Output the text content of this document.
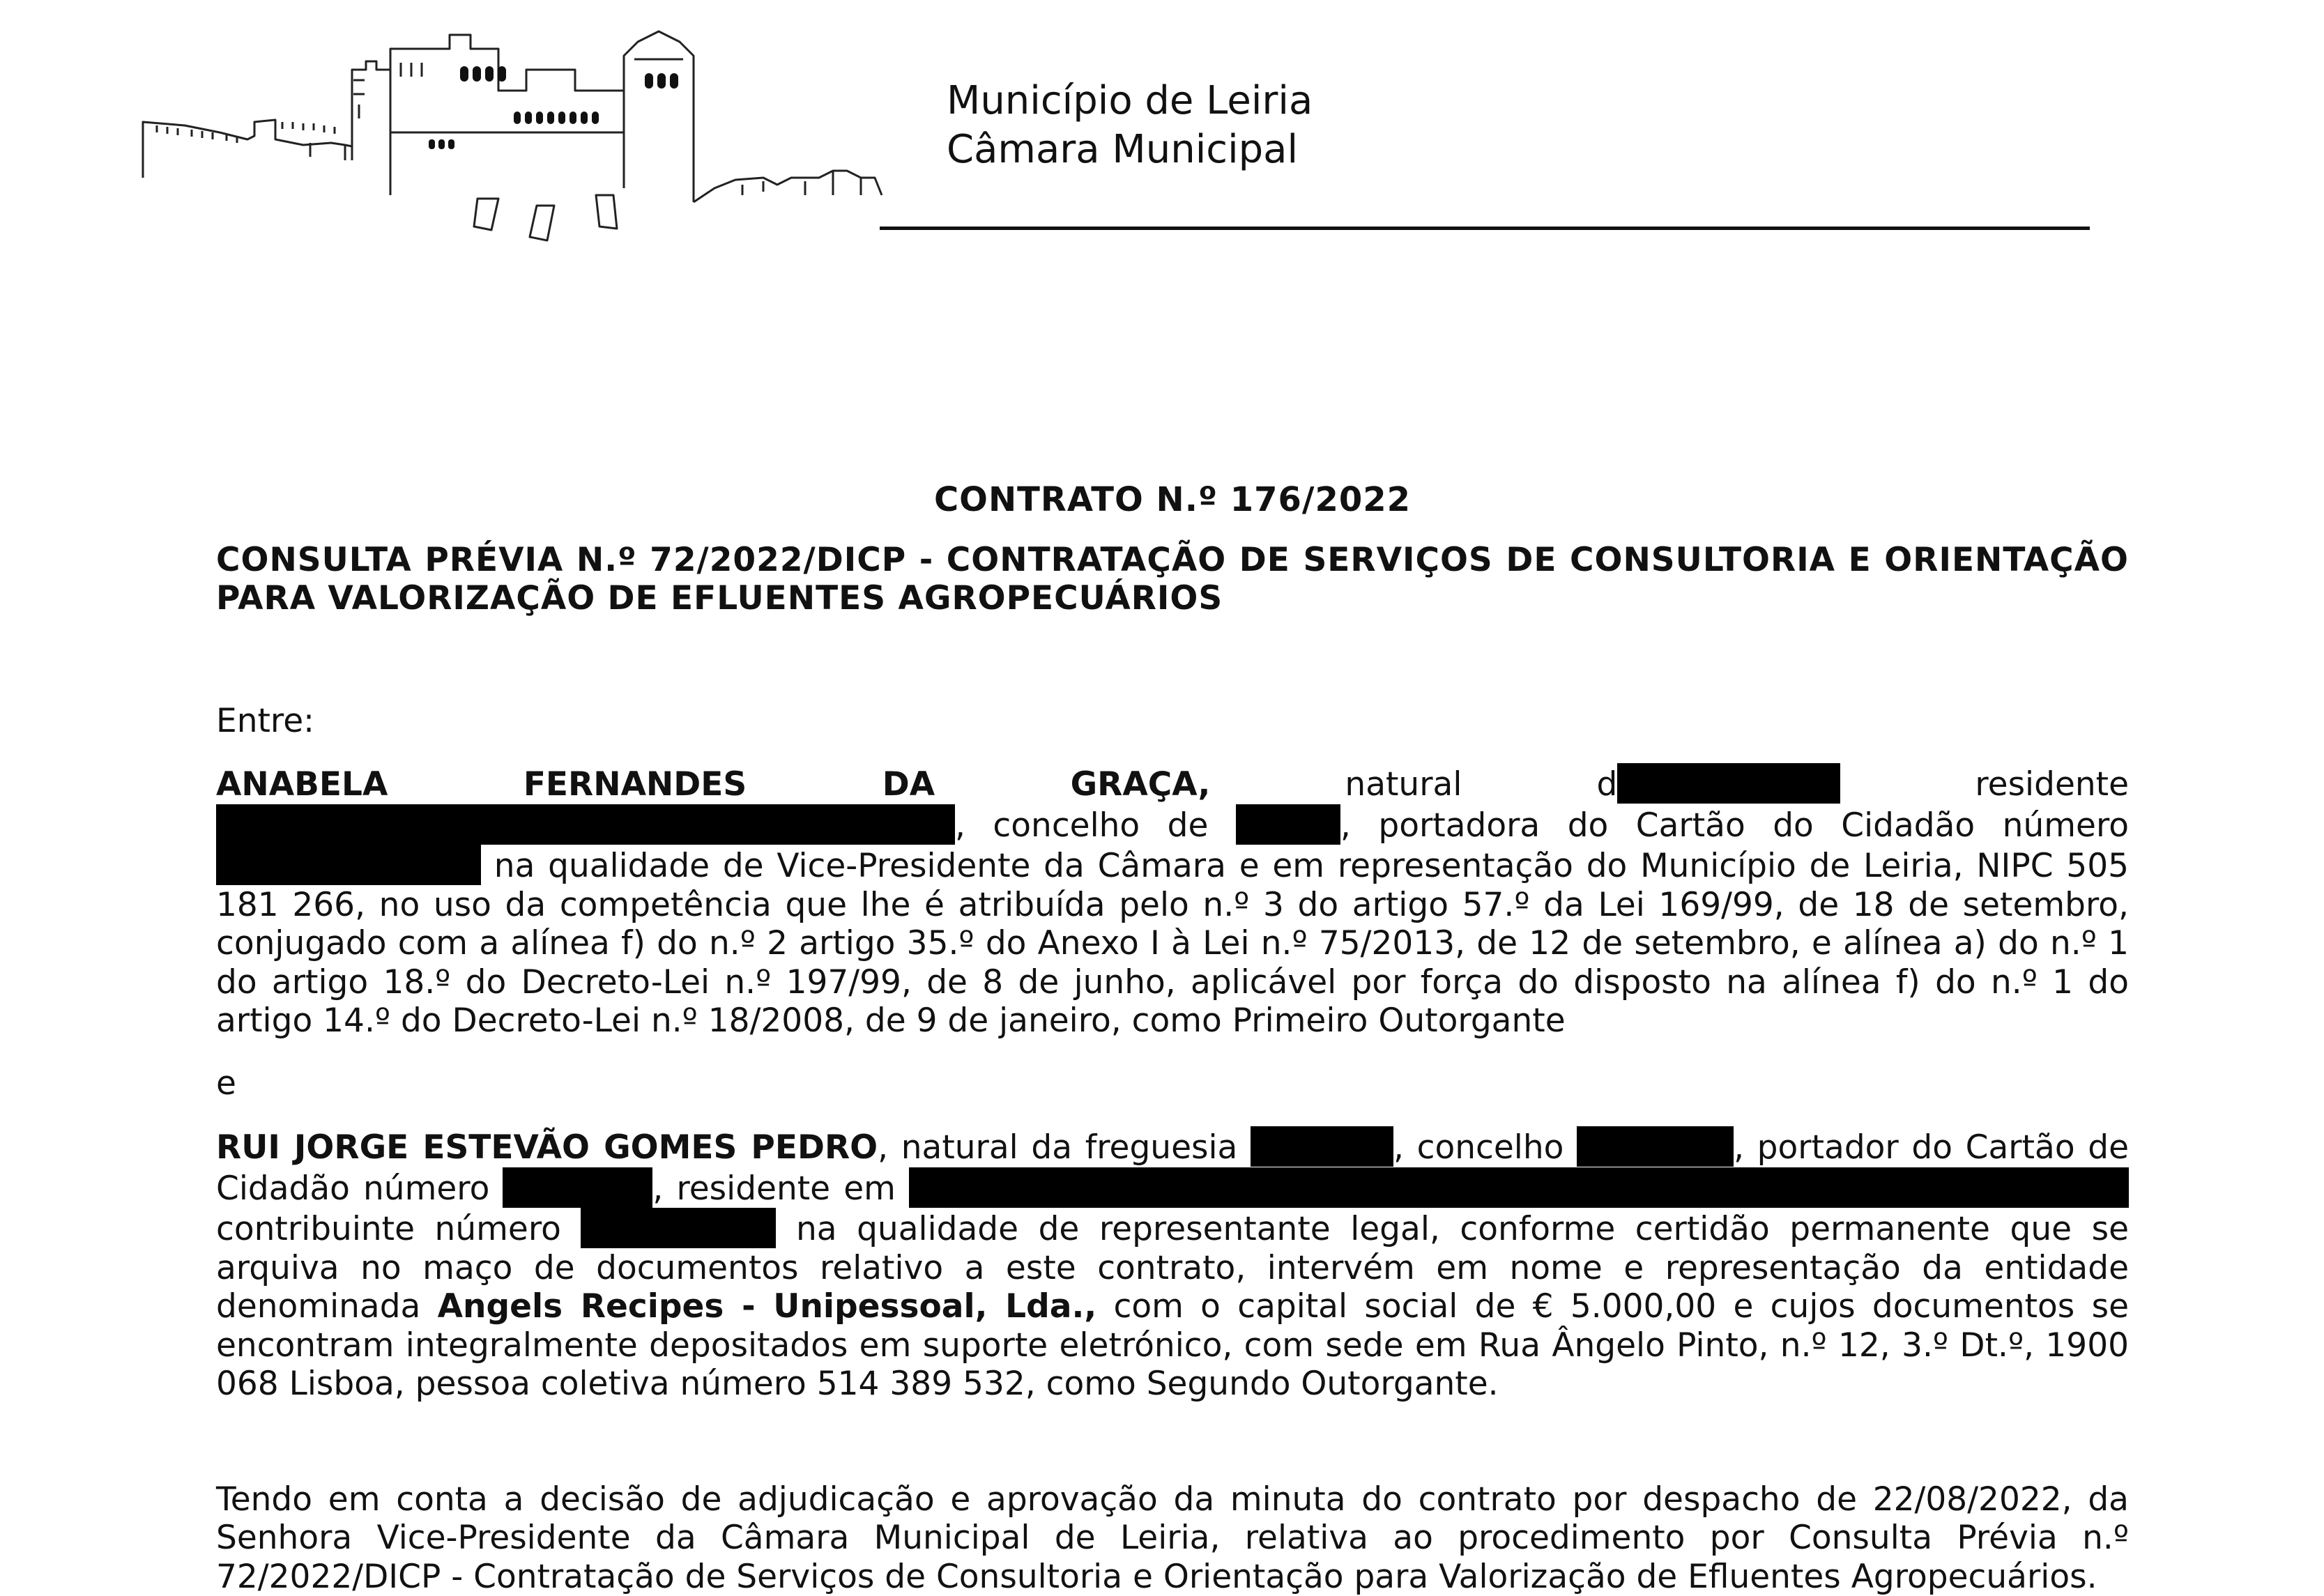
Município de Leiria
Câmara Municipal
CONTRATO N.º 176/2022
CONSULTA PRÉVIA N.º 72/2022/DICP - CONTRATAÇÃO DE SERVIÇOS DE CONSULTORIA E ORIENTAÇÃO PARA VALORIZAÇÃO DE EFLUENTES AGROPECUÁRIOS

Entre:

ANABELA FERNANDES DA GRAÇA, natural d	residente , concelho de	, portadora do Cartão do Cidadão número  na qualidade de Vice-Presidente da Câmara e em representação do Município de Leiria, NIPC 505 181 266, no uso da competência que lhe é atribuída pelo n.º 3 do artigo 57.º da Lei 169/99, de 18 de setembro, conjugado com a alínea f) do n.º 2 artigo 35.º do Anexo I à Lei n.º 75/2013, de 12 de setembro, e alínea a) do n.º 1 do artigo 18.º do Decreto-Lei n.º 197/99, de 8 de junho, aplicável por força do disposto na alínea f) do n.º 1 do artigo 14.º do Decreto-Lei n.º 18/2008, de 9 de janeiro, como Primeiro Outorgante

e

RUI JORGE ESTEVÃO GOMES PEDRO, natural da freguesia	, concelho	, portador do Cartão de Cidadão número	, residente em  contribuinte número	na qualidade de representante legal, conforme certidão permanente que se arquiva no maço de documentos relativo a este contrato, intervém em nome e representação da entidade denominada Angels Recipes - Unipessoal, Lda., com o capital social de € 5.000,00 e cujos documentos se encontram integralmente depositados em suporte eletrónico, com sede em Rua Ângelo Pinto, n.º 12, 3.º Dt.º, 1900 068 Lisboa, pessoa coletiva número 514 389 532, como Segundo Outorgante.

Tendo em conta a decisão de adjudicação e aprovação da minuta do contrato por despacho de 22/08/2022, da Senhora Vice-Presidente da Câmara Municipal de Leiria, relativa ao procedimento por Consulta Prévia n.º 72/2022/DICP - Contratação de Serviços de Consultoria e Orientação para Valorização de Efluentes Agropecuários.
